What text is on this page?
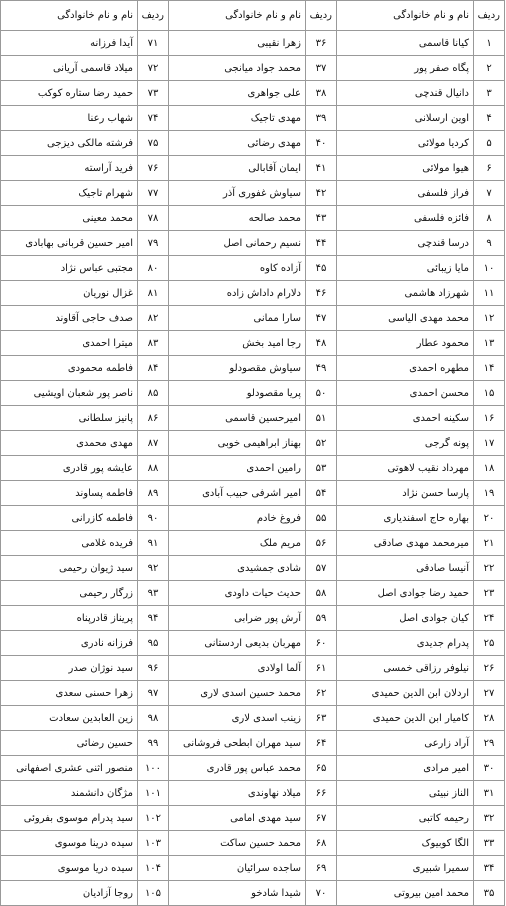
ردیف	نام و نام خانوادگی	ردیف	نام و نام خانوادگی	ردیف	نام و نام خانوادگی
۱	کیانا قاسمی	۳۶	زهرا نقیبی	۷۱	آیدا فرزانه
۲	پگاه صفر پور	۳۷	محمد جواد میانجی	۷۲	میلاد قاسمی آریانی
۳	دانیال قندچی	۳۸	علی جواهری	۷۳	حمید رضا ستاره کوکب
۴	اوین ارسلانی	۳۹	مهدی تاجیک	۷۴	شهاب رعنا
۵	کردیا مولائی	۴۰	مهدی رضائی	۷۵	فرشته مالکی دیزجی
۶	هیوا مولائی	۴۱	ایمان آقابالی	۷۶	فرید آراسته
۷	فراز فلسفی	۴۲	سیاوش غفوری آذر	۷۷	شهرام تاجیک
۸	فائزه فلسفی	۴۳	محمد صالحه	۷۸	محمد معینی
۹	درسا قندچی	۴۴	نسیم رحمانی اصل	۷۹	امیر حسین قربانی بهابادی
۱۰	مایا زیبائی	۴۵	آزاده کاوه	۸۰	مجتبی عباس نژاد
۱۱	شهرزاد هاشمی	۴۶	دلارام داداش زاده	۸۱	غزال نوریان
۱۲	محمد مهدی الیاسی	۴۷	سارا ممانی	۸۲	صدف حاجی آقاوند
۱۳	محمود عطار	۴۸	رجا امید بخش	۸۳	میترا احمدی
۱۴	مطهره احمدی	۴۹	سیاوش مقصودلو	۸۴	فاطمه محمودی
۱۵	محسن احمدی	۵۰	پریا مقصودلو	۸۵	ناصر پور شعبان اویشیی
۱۶	سکینه احمدی	۵۱	امیرحسین قاسمی	۸۶	پانیز سلطانی
۱۷	پونه گرجی	۵۲	بهناز ابراهیمی خوبی	۸۷	مهدی محمدی
۱۸	مهرداد نقیب لاهوتی	۵۳	رامین احمدی	۸۸	عایشه پور قادری
۱۹	پارسا حسن نژاد	۵۴	امیر اشرفی حبیب آبادی	۸۹	فاطمه پساوند
۲۰	بهاره حاج اسفندیاری	۵۵	فروغ خادم	۹۰	فاطمه کازرانی
۲۱	میرمحمد مهدی صادقی	۵۶	مریم ملک	۹۱	فریده غلامی
۲۲	آنیسا صادقی	۵۷	شادی جمشیدی	۹۲	سید ژیوان رحیمی
۲۳	حمید رضا جوادی اصل	۵۸	حدیث حیات داودی	۹۳	زرگار رحیمی
۲۴	کیان جوادی اصل	۵۹	آرش پور ضرابی	۹۴	پریناز قادرپناه
۲۵	پدرام جدیدی	۶۰	مهربان بدیعی اردستانی	۹۵	فرزانه نادری
۲۶	نیلوفر رزاقی خمسی	۶۱	آلما اولادی	۹۶	سید نوژان صدر
۲۷	اردلان ابن الدین حمیدی	۶۲	محمد حسین اسدی لاری	۹۷	زهرا حسنی سعدی
۲۸	کامیار ابن الدین حمیدی	۶۳	زینب اسدی لاری	۹۸	زین العابدین سعادت
۲۹	آراد زارعی	۶۴	سید مهران ابطحی فروشانی	۹۹	حسین رضائی
۳۰	امیر مرادی	۶۵	محمد عباس پور قادری	۱۰۰	منصور اثنی عشری اصفهانی
۳۱	الناز نبیئی	۶۶	میلاد نهاوندی	۱۰۱	مژگان دانشمند
۳۲	رحیمه کاتبی	۶۷	سید مهدی امامی	۱۰۲	سید پدرام موسوی بفروئی
۳۳	الگا کوبیوک	۶۸	محمد حسین ساکت	۱۰۳	سیده درینا موسوی
۳۴	سمیرا شبیری	۶۹	ساجده سرائیان	۱۰۴	سیده دریا موسوی
۳۵	محمد امین بیروتی	۷۰	شیدا شادخو	۱۰۵	روجا آزادیان
